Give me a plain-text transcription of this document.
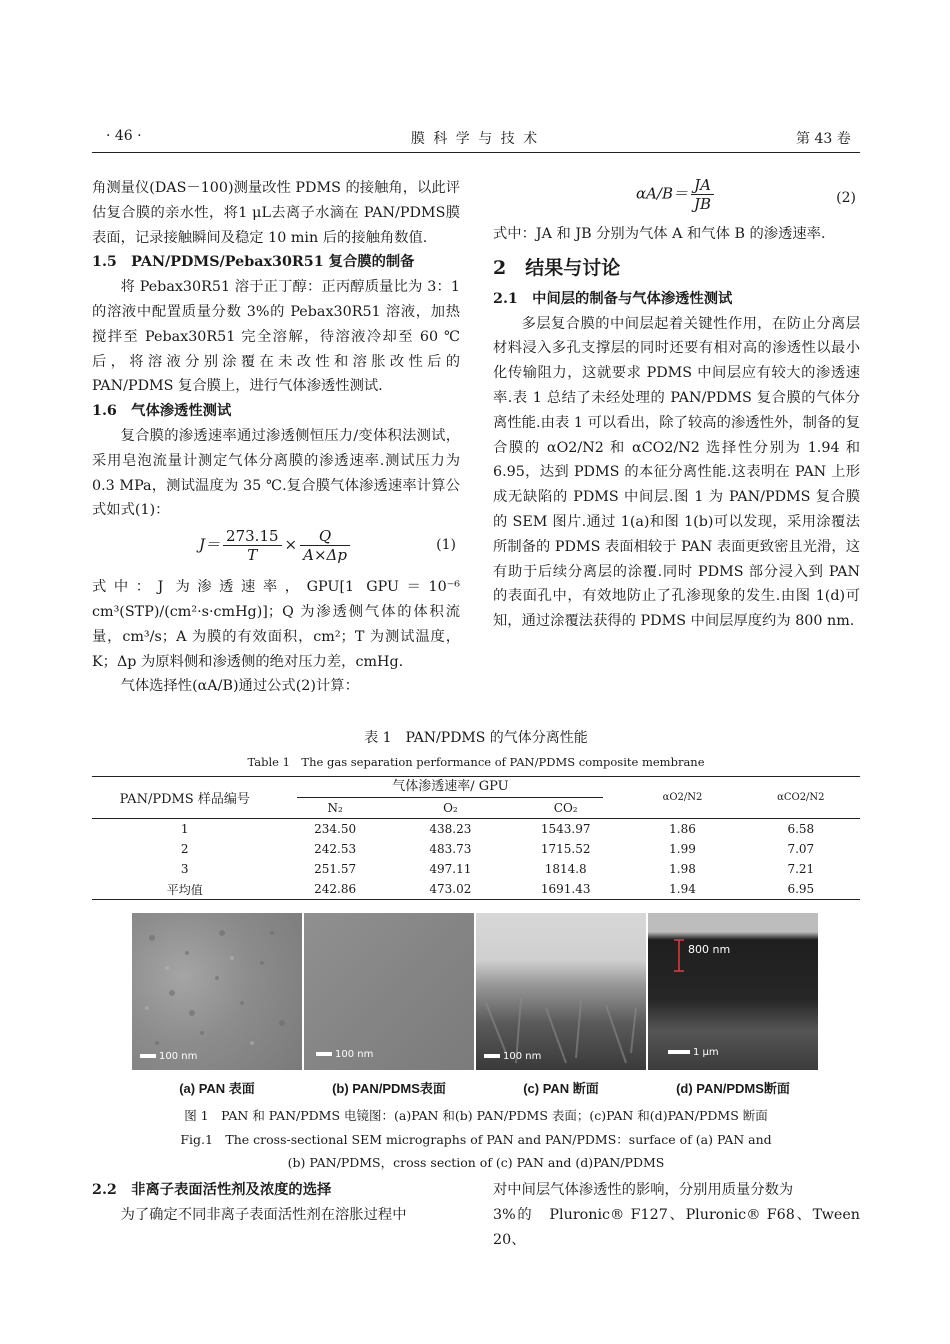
· 46 ·	膜 科 学 与 技 术	第 43 卷

角测量仪(DAS－100)测量改性 PDMS 的接触角，以此评估复合膜的亲水性，将1 μL去离子水滴在 PAN/PDMS膜表面，记录接触瞬间及稳定 10 min 后的接触角数值.

1.5　PAN/PDMS/Pebax30R51 复合膜的制备

将 Pebax30R51 溶于正丁醇：正丙醇质量比为 3：1 的溶液中配置质量分数 3%的 Pebax30R51 溶液，加热搅拌至 Pebax30R51 完全溶解，待溶液冷却至 60 ℃后，将溶液分别涂覆在未改性和溶胀改性后的 PAN/PDMS 复合膜上，进行气体渗透性测试.

1.6　气体渗透性测试

复合膜的渗透速率通过渗透侧恒压力/变体积法测试，采用皂泡流量计测定气体分离膜的渗透速率.测试压力为 0.3 MPa，测试温度为 35 ℃.复合膜气体渗透速率计算公式如式(1)：

$J= \frac{273.15}{T} \times \frac{Q}{A\times\Delta p}$	(1)

式中：J 为渗透速率，GPU[1 GPU＝10⁻⁶ cm³(STP)/(cm²·s·cmHg)]；Q 为渗透侧气体的体积流量，cm³/s；A 为膜的有效面积，cm²；T 为测试温度，K；Δp 为原料侧和渗透侧的绝对压力差，cmHg.

气体选择性(αA/B)通过公式(2)计算：

$\alpha A/B= \frac{JA}{JB}$	(2)

式中：JA 和 JB 分别为气体 A 和气体 B 的渗透速率.

2　结果与讨论

2.1　中间层的制备与气体渗透性测试

多层复合膜的中间层起着关键性作用，在防止分离层材料浸入多孔支撑层的同时还要有相对高的渗透性以最小化传输阻力，这就要求 PDMS 中间层应有较大的渗透速率.表 1 总结了未经处理的 PAN/PDMS 复合膜的气体分离性能.由表 1 可以看出，除了较高的渗透性外，制备的复合膜的 αO2/N2 和 αCO2/N2 选择性分别为 1.94 和 6.95，达到 PDMS 的本征分离性能.这表明在 PAN 上形成无缺陷的 PDMS 中间层.图 1 为 PAN/PDMS 复合膜的 SEM 图片.通过 1(a)和图 1(b)可以发现，采用涂覆法所制备的 PDMS 表面相较于 PAN 表面更致密且光滑，这有助于后续分离层的涂覆.同时 PDMS 部分浸入到 PAN 的表面孔中，有效地防止了孔渗现象的发生.由图 1(d)可知，通过涂覆法获得的 PDMS 中间层厚度约为 800 nm.

表 1　PAN/PDMS 的气体分离性能
Table 1　The gas separation performance of PAN/PDMS composite membrane
PAN/PDMS 样品编号	气体渗透速率/ GPU			αO2/N2	αCO2/N2
	N₂	O₂	CO₂		
1	234.50	438.23	1543.97	1.86	6.58
2	242.53	483.73	1715.52	1.99	7.07
3	251.57	497.11	1814.8	1.98	7.21
平均值	242.86	473.02	1691.43	1.94	6.95
100 nm	100 nm	100 nm
800 nm
1 μm
(a) PAN 表面	(b) PAN/PDMS表面	(c) PAN 断面	(d) PAN/PDMS断面
图 1　PAN 和 PAN/PDMS 电镜图：(a)PAN 和(b) PAN/PDMS 表面；(c)PAN 和(d)PAN/PDMS 断面
Fig.1　The cross-sectional SEM micrographs of PAN and PAN/PDMS：surface of (a) PAN and
(b) PAN/PDMS，cross section of (c) PAN and (d)PAN/PDMS

2.2　非离子表面活性剂及浓度的选择

为了确定不同非离子表面活性剂在溶胀过程中

对中间层气体渗透性的影响，分别用质量分数为

3%的　Pluronic® F127、Pluronic® F68、Tween 20、
